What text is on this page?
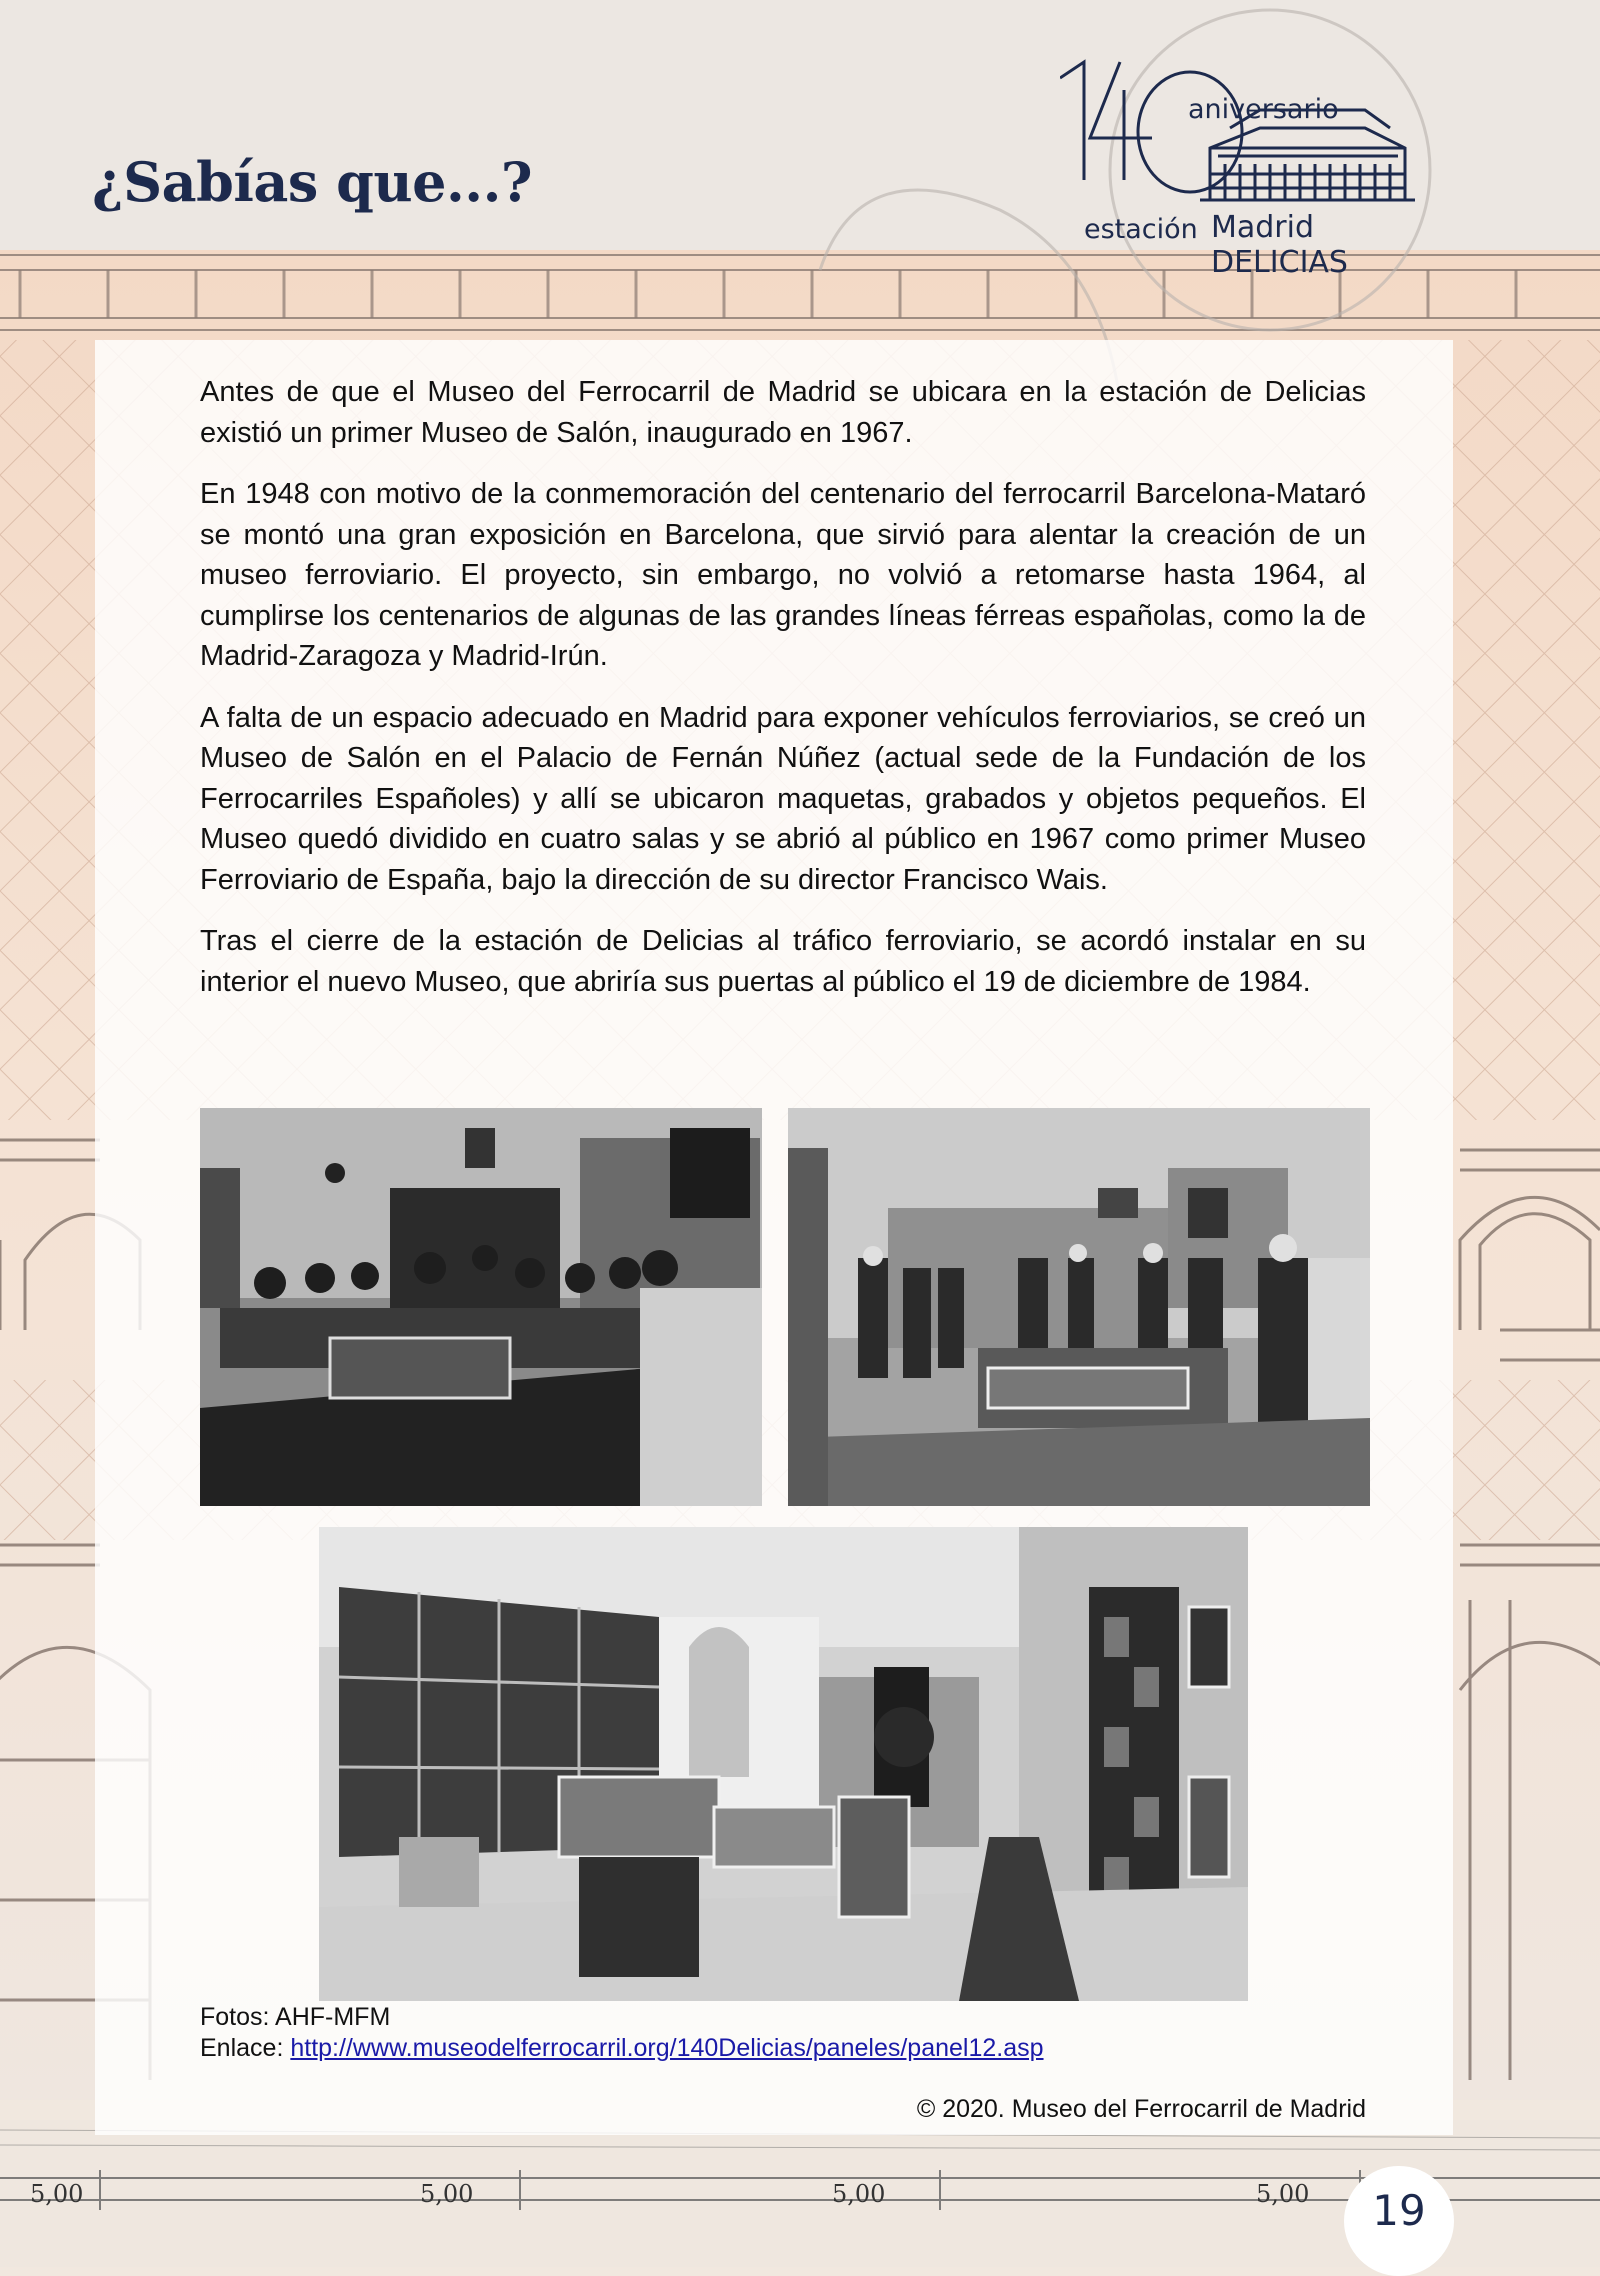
5,00	5,00	5,00	5,00
¿Sabías que...?
aniversario
estación Madrid DELICIAS

Antes de que el Museo del Ferrocarril de Madrid se ubicara en la estación de Delicias existió un primer Museo de Salón, inaugurado en 1967.

En 1948 con motivo de la conmemoración del centenario del ferrocarril Barcelona-Mataró se montó una gran exposición en Barcelona, que sirvió para alentar la creación de un museo ferroviario. El proyecto, sin embargo, no volvió a retomarse hasta 1964, al cumplirse los centenarios de algunas de las grandes líneas férreas españolas, como la de Madrid-Zaragoza y Madrid-Irún.

A falta de un espacio adecuado en Madrid para exponer vehículos ferroviarios, se creó un Museo de Salón en el Palacio de Fernán Núñez (actual sede de la Fundación de los Ferrocarriles Españoles) y allí se ubicaron maquetas, grabados y objetos pequeños. El Museo quedó dividido en cuatro salas y se abrió al público en 1967 como primer Museo Ferroviario de España, bajo la dirección de su director Francisco Wais.

Tras el cierre de la estación de Delicias al tráfico ferroviario, se acordó instalar en su interior el nuevo Museo, que abriría sus puertas al público el 19 de diciembre de 1984.

Fotos: AHF-MFM
Enlace: http://www.museodelferrocarril.org/140Delicias/paneles/panel12.asp
© 2020. Museo del Ferrocarril de Madrid
19
